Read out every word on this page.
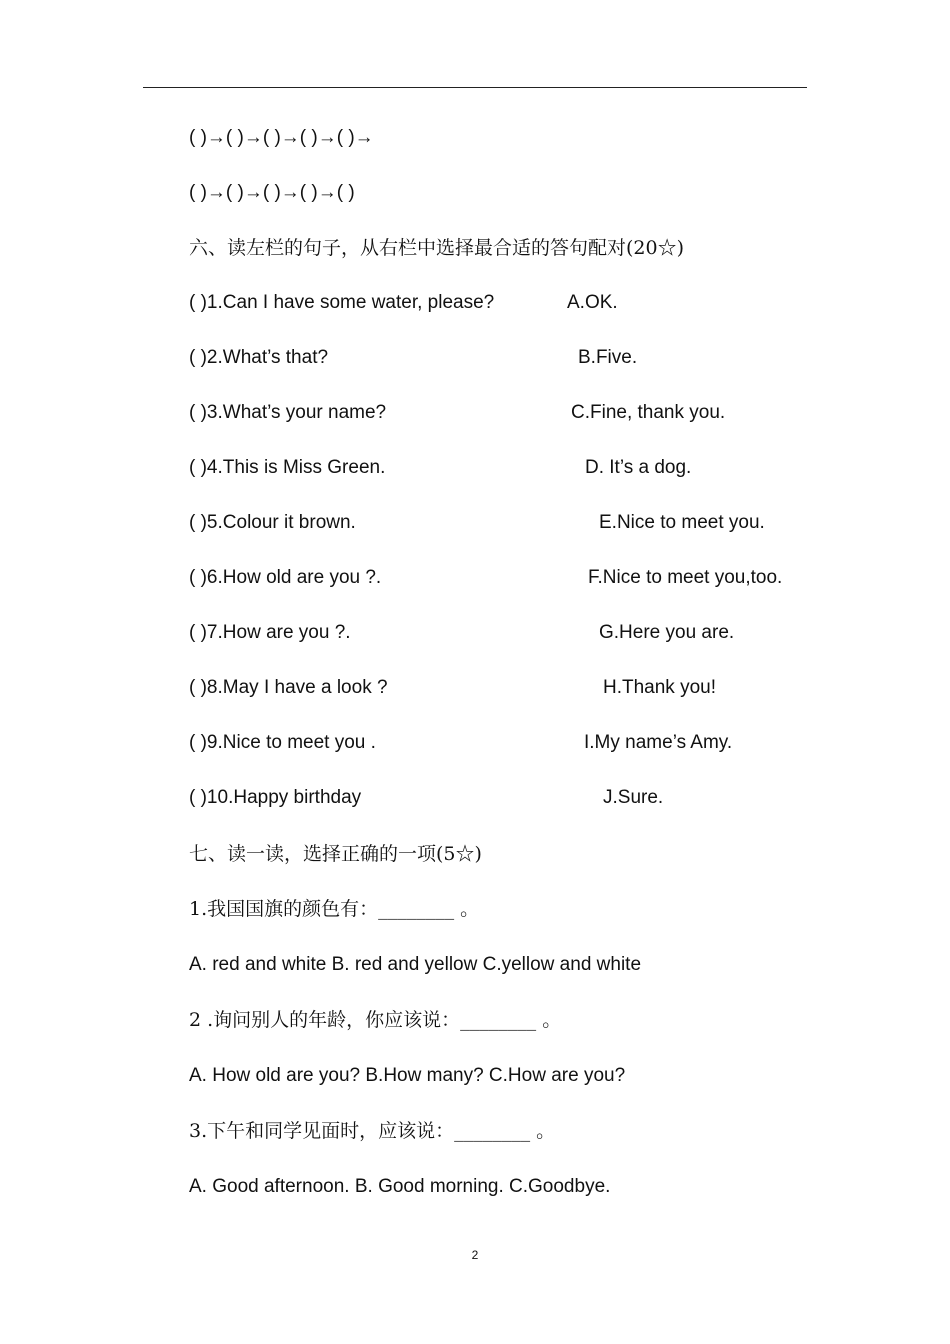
( )→( )→( )→( )→( )→
( )→( )→( )→( )→( )
六、读左栏的句子，从右栏中选择最合适的答句配对(20☆)
( )1.Can I have some water, please?	A.OK.
( )2.What’s that?	B.Five.
( )3.What’s your name?	C.Fine, thank you.
( )4.This is Miss Green.	D. It’s a dog.
( )5.Colour it brown.	E.Nice to meet you.
( )6.How old are you ?.	F.Nice to meet you,too.
( )7.How are you ?.	G.Here you are.
( )8.May I have a look ?	H.Thank you!
( )9.Nice to meet you .	I.My name’s Amy.
( )10.Happy birthday	J.Sure.
七、读一读，选择正确的一项(5☆)
1.我国国旗的颜色有：________ 。
A. red and white B. red and yellow C.yellow and white
2 .询问别人的年龄，你应该说：________ 。
A. How old are you? B.How many? C.How are you?
3.下午和同学见面时，应该说：________ 。
A. Good afternoon. B. Good morning. C.Goodbye.
2
